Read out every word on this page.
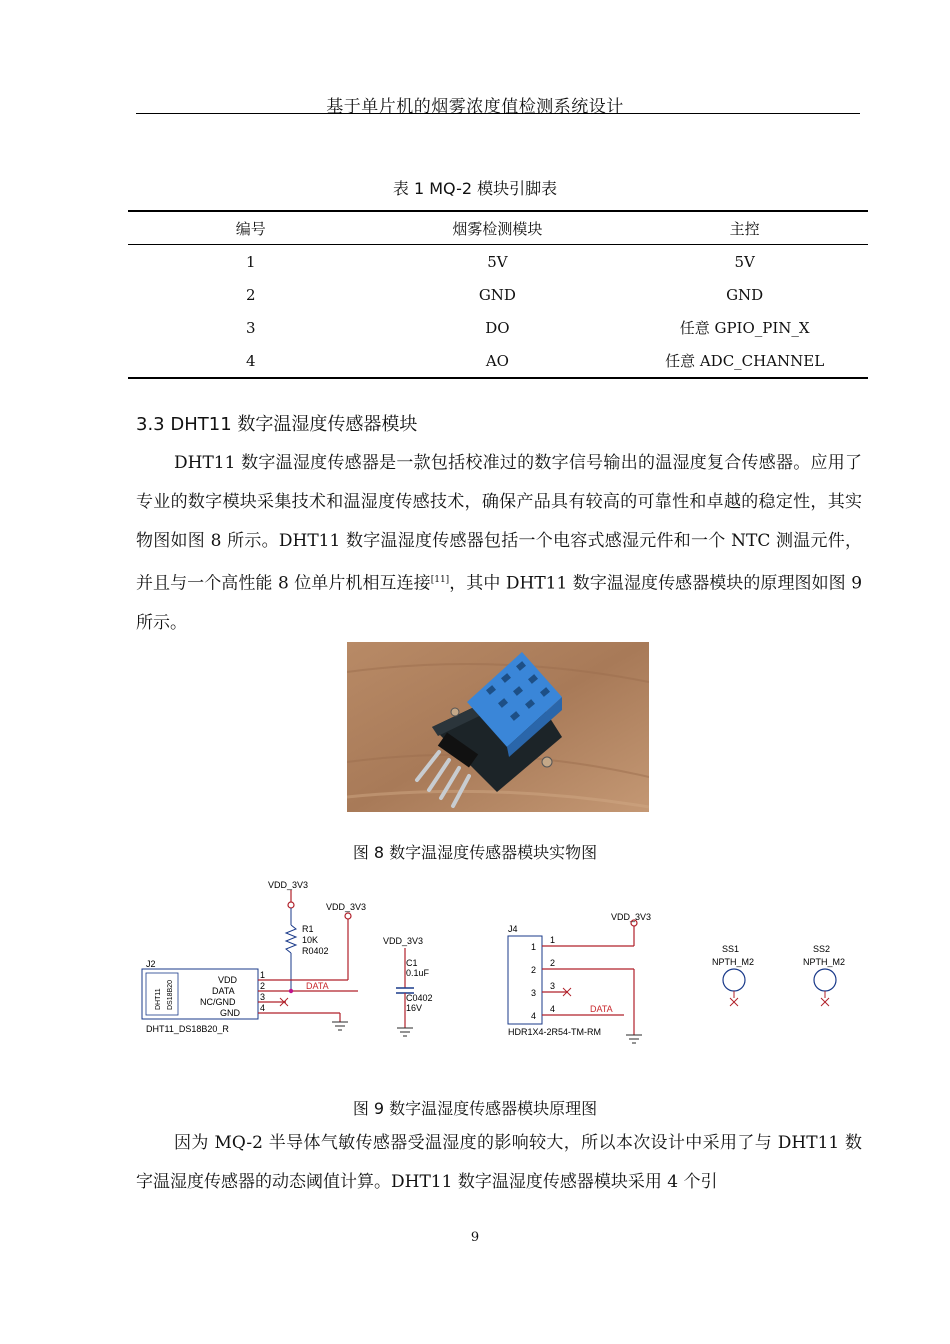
基于单片机的烟雾浓度值检测系统设计
表 1 MQ-2 模块引脚表
编号	烟雾检测模块	主控
1	5V	5V
2	GND	GND
3	DO	任意 GPIO_PIN_X
4	AO	任意 ADC_CHANNEL
3.3 DHT11 数字温湿度传感器模块

DHT11 数字温湿度传感器是一款包括校准过的数字信号输出的温湿度复合传感器。应用了专业的数字模块采集技术和温湿度传感技术，确保产品具有较高的可靠性和卓越的稳定性，其实物图如图 8 所示。DHT11 数字温湿度传感器包括一个电容式感湿元件和一个 NTC 测温元件，并且与一个高性能 8 位单片机相互连接[11]，其中 DHT11 数字温湿度传感器模块的原理图如图 9 所示。

图 8 数字温湿度传感器模块实物图
VDD_3V3
R1
10K
R0402
VDD_3V3
J2
DHT11 DS18B20
VDD
DATA
NC/GND
GND
DHT11_DS18B20_R
1
2
3
4
DATA
VDD_3V3
C1
0.1uF
C0402
16V
J4
1
2
3
4
HDR1X4-2R54-TM-RM
1
2
3
4	DATA
VDD_3V3
SS1
NPTH_M2
SS2
NPTH_M2
图 9 数字温湿度传感器模块原理图

因为 MQ-2 半导体气敏传感器受温湿度的影响较大，所以本次设计中采用了与 DHT11 数字温湿度传感器的动态阈值计算。DHT11 数字温湿度传感器模块采用 4 个引

9
